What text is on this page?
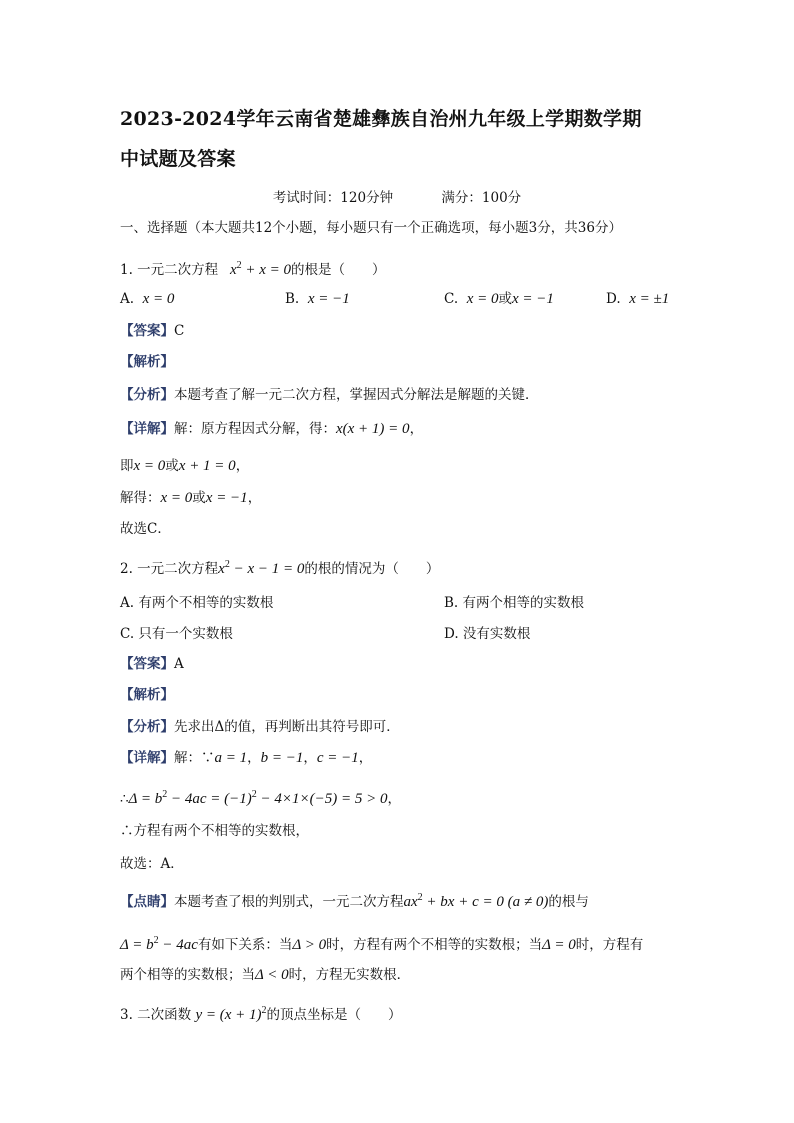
2023-2024学年云南省楚雄彝族自治州九年级上学期数学期
中试题及答案
考试时间：120分钟	满分：100分
一、选择题（本大题共12个小题，每小题只有一个正确选项，每小题3分，共36分）
1. 一元二次方程   $x^2 + x = 0$的根是（　　）
A. x = 0	B. x = −1	C. x = 0或x = −1	D. x = ±1
【答案】C
【解析】
【分析】本题考查了解一元二次方程，掌握因式分解法是解题的关键．
【详解】解：原方程因式分解，得：x(x + 1) = 0，
即x = 0或x + 1 = 0，
解得：x = 0或x = −1，
故选C．
2. 一元二次方程$x^2 - x - 1 = 0$的根的情况为（　　）
A. 有两个不相等的实数根	B. 有两个相等的实数根
C. 只有一个实数根	D. 没有实数根
【答案】A
【解析】
【分析】先求出Δ的值，再判断出其符号即可．
【详解】解：∵a = 1，b = −1，c = −1，
∴Δ = $b^2 - 4ac = (-1)^2 - 4\times 1\times(-5) = 5 > 0$，
∴方程有两个不相等的实数根，
故选：A．
【点睛】本题考查了根的判别式，一元二次方程$ax^2$ + bx + c = 0 (a ≠ 0)的根与
$\Delta = b^2 - 4ac$有如下关系：当Δ > 0时，方程有两个不相等的实数根；当Δ = 0时，方程有
两个相等的实数根；当Δ < 0时，方程无实数根．
3. 二次函数 $y = (x + 1)^2$的顶点坐标是（　　）
